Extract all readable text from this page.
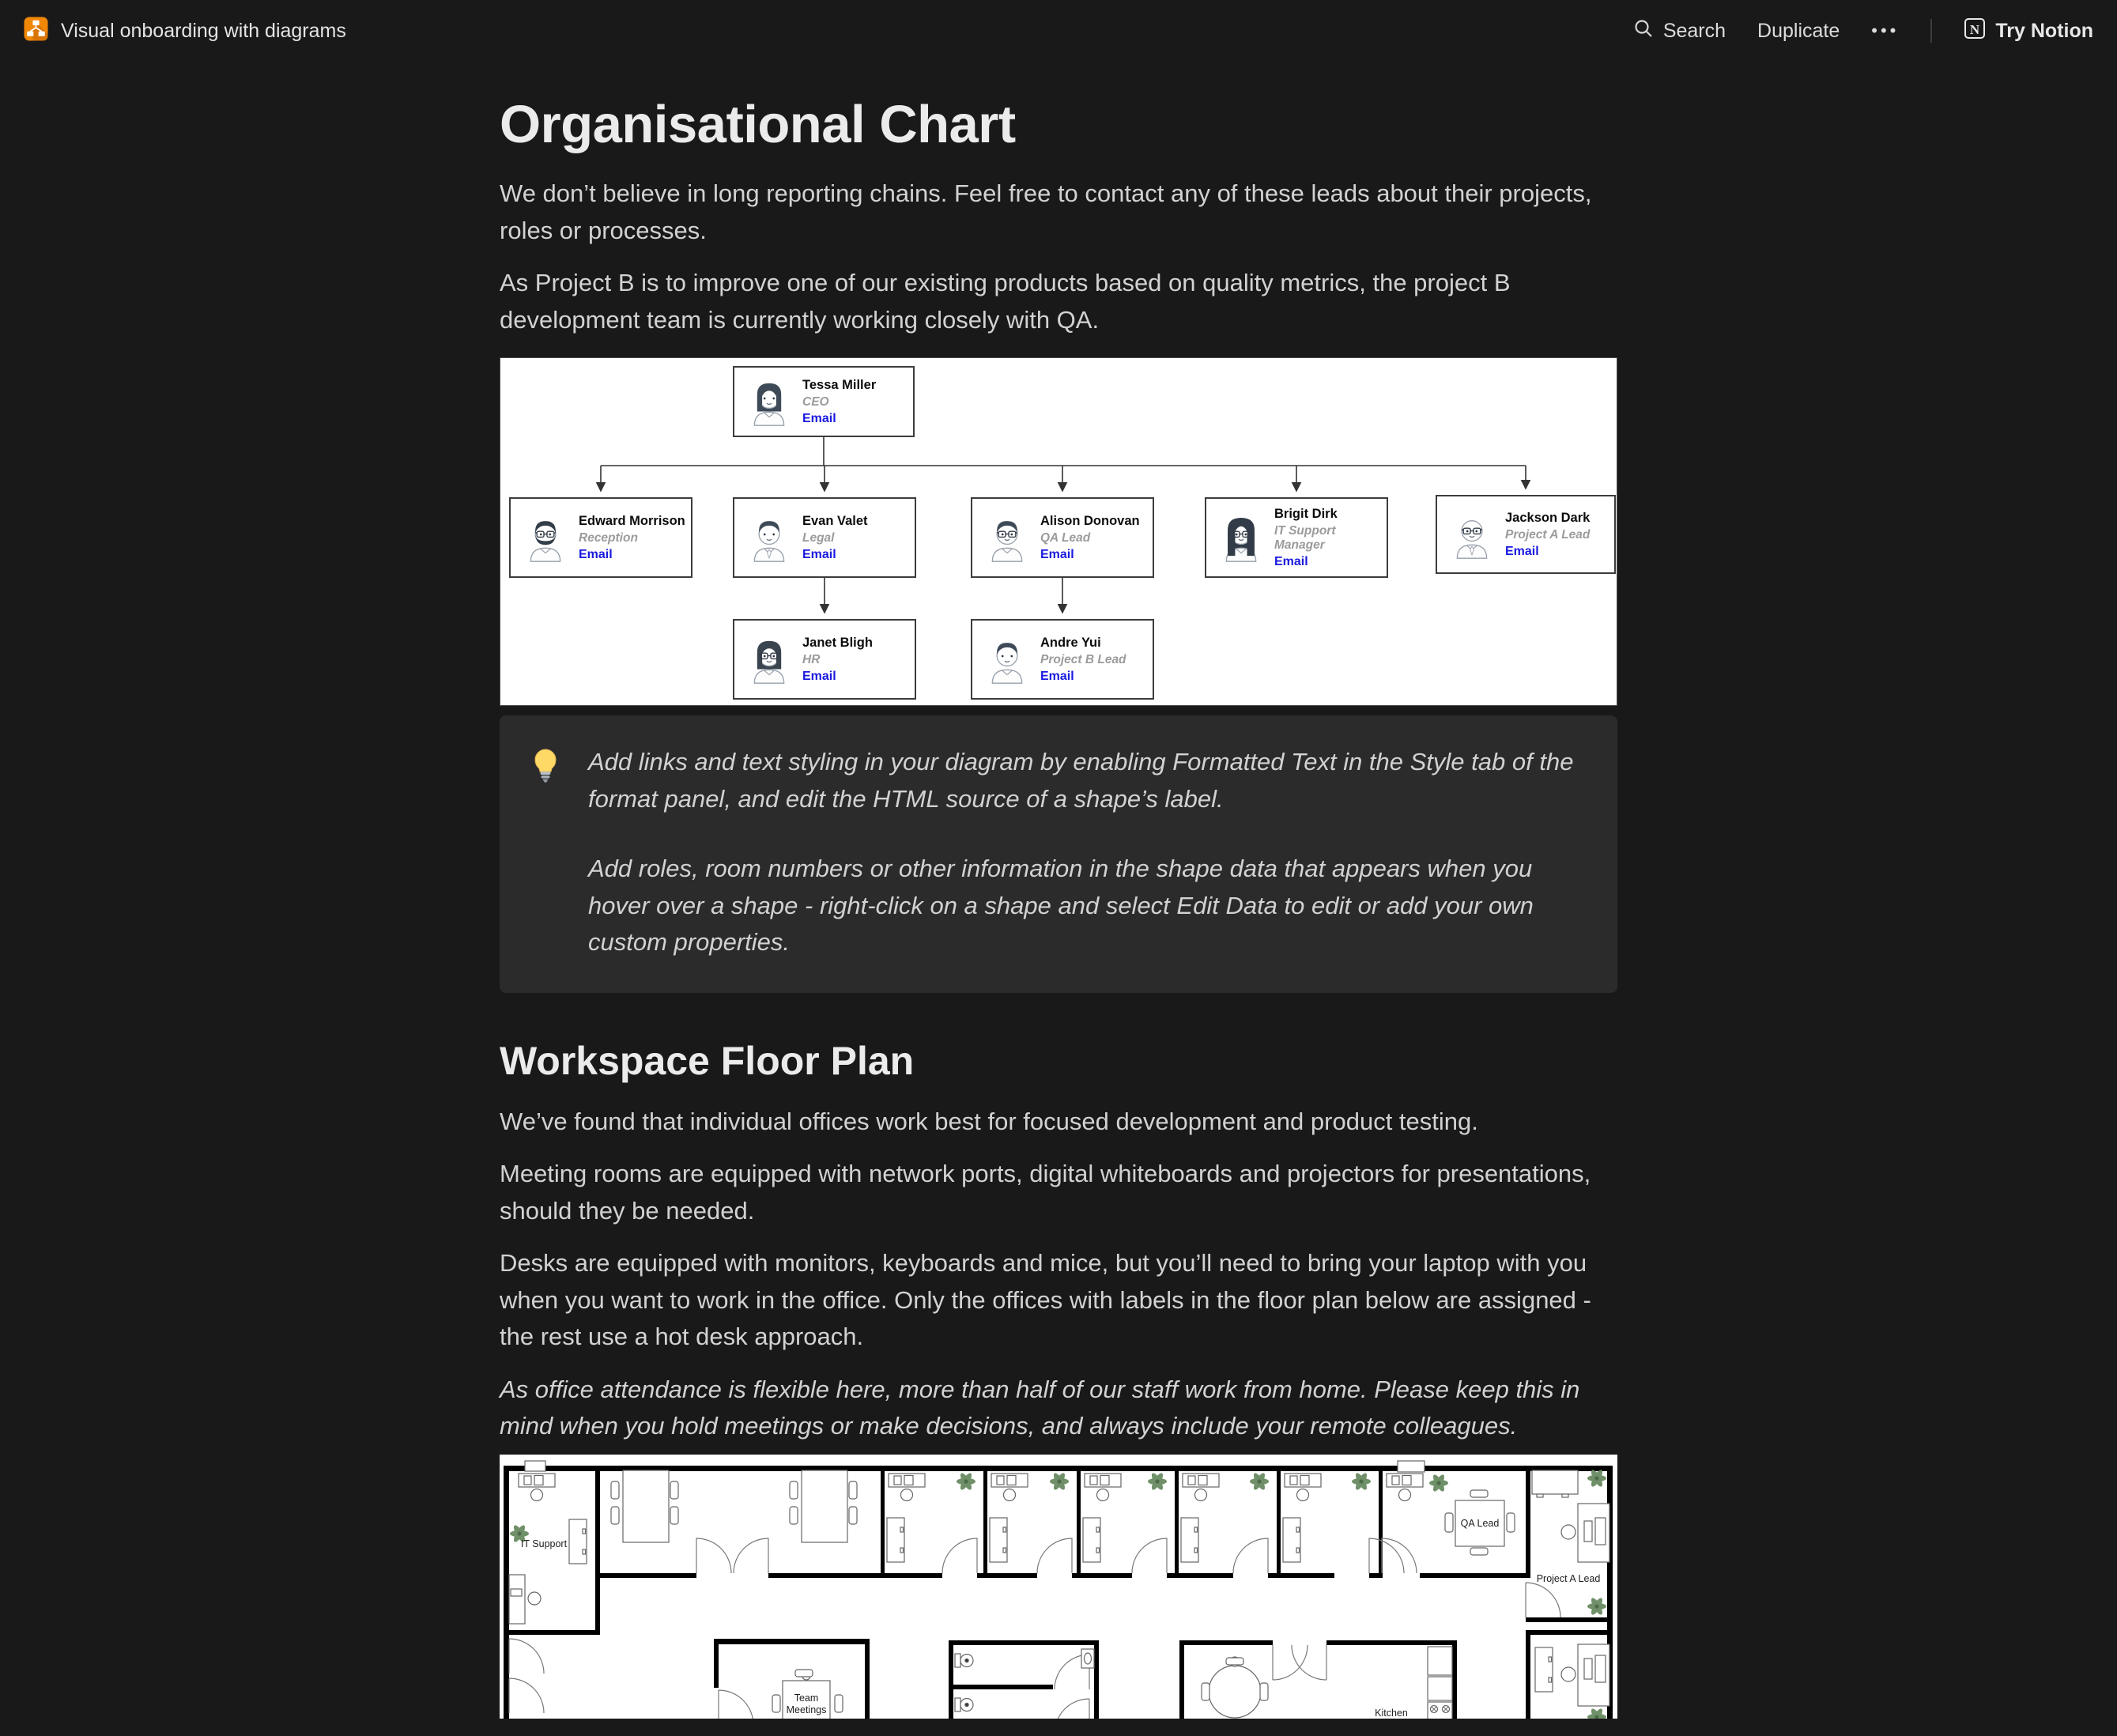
Visual onboarding with diagrams	Search Duplicate •••	N Try Notion
Organisational Chart

We don’t believe in long reporting chains. Feel free to contact any of these leads about their projects, roles or processes.

As Project B is to improve one of our existing products based on quality metrics, the project B development team is currently working closely with QA.

Tessa Miller
CEO
Email
Edward Morrison
Reception
Email
Evan Valet
Legal
Email
Alison Donovan
QA Lead
Email
Brigit Dirk
IT Support Manager
Email
Jackson Dark
Project A Lead
Email
Janet Bligh
HR
Email
Andre Yui
Project B Lead
Email

Add links and text styling in your diagram by enabling Formatted Text in the Style tab of the format panel, and edit the HTML source of a shape’s label.

Add roles, room numbers or other information in the shape data that appears when you hover over a shape - right-click on a shape and select Edit Data to edit or add your own custom properties.

Workspace Floor Plan

We’ve found that individual offices work best for focused development and product testing.

Meeting rooms are equipped with network ports, digital whiteboards and projectors for presentations, should they be needed.

Desks are equipped with monitors, keyboards and mice, but you’ll need to bring your laptop with you when you want to work in the office. Only the offices with labels in the floor plan below are assigned - the rest use a hot desk approach.

As office attendance is flexible here, more than half of our staff work from home. Please keep this in mind when you hold meetings or make decisions, and always include your remote colleagues.

IT Support
QA Lead
Project A Lead
Team Meetings	Kitchen
